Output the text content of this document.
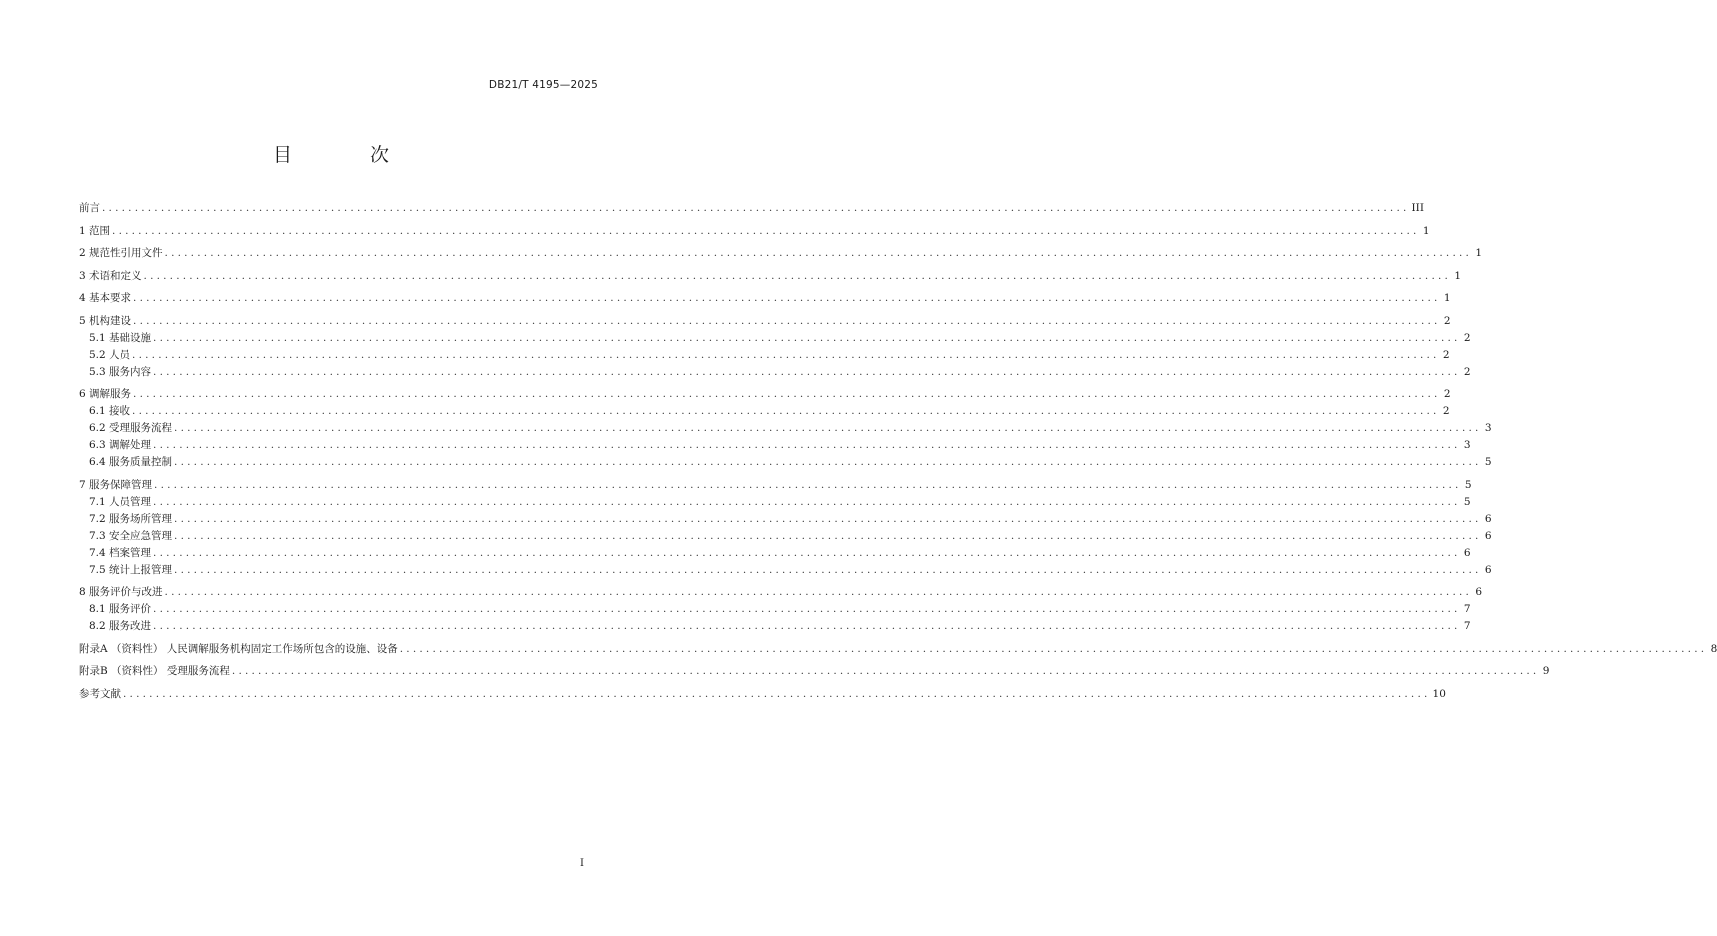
DB21/T 4195—2025
目 次
前言 ........................................................................................................................................................................................................ III
1 范围 ........................................................................................................................................................................................................ 1
2 规范性引用文件 ........................................................................................................................................................................................................ 1
3 术语和定义 ........................................................................................................................................................................................................ 1
4 基本要求 ........................................................................................................................................................................................................ 1
5 机构建设 ........................................................................................................................................................................................................ 2
5.1 基础设施 ........................................................................................................................................................................................................ 2
5.2 人员 ........................................................................................................................................................................................................ 2
5.3 服务内容 ........................................................................................................................................................................................................ 2
6 调解服务 ........................................................................................................................................................................................................ 2
6.1 接收 ........................................................................................................................................................................................................ 2
6.2 受理服务流程 ........................................................................................................................................................................................................ 3
6.3 调解处理 ........................................................................................................................................................................................................ 3
6.4 服务质量控制 ........................................................................................................................................................................................................ 5
7 服务保障管理 ........................................................................................................................................................................................................ 5
7.1 人员管理 ........................................................................................................................................................................................................ 5
7.2 服务场所管理 ........................................................................................................................................................................................................ 6
7.3 安全应急管理 ........................................................................................................................................................................................................ 6
7.4 档案管理 ........................................................................................................................................................................................................ 6
7.5 统计上报管理 ........................................................................................................................................................................................................ 6
8 服务评价与改进 ........................................................................................................................................................................................................ 6
8.1 服务评价 ........................................................................................................................................................................................................ 7
8.2 服务改进 ........................................................................................................................................................................................................ 7
附录A （资料性） 人民调解服务机构固定工作场所包含的设施、设备 ........................................................................................................................................................................................................ 8
附录B （资料性） 受理服务流程 ........................................................................................................................................................................................................ 9
参考文献 ........................................................................................................................................................................................................ 10
I
